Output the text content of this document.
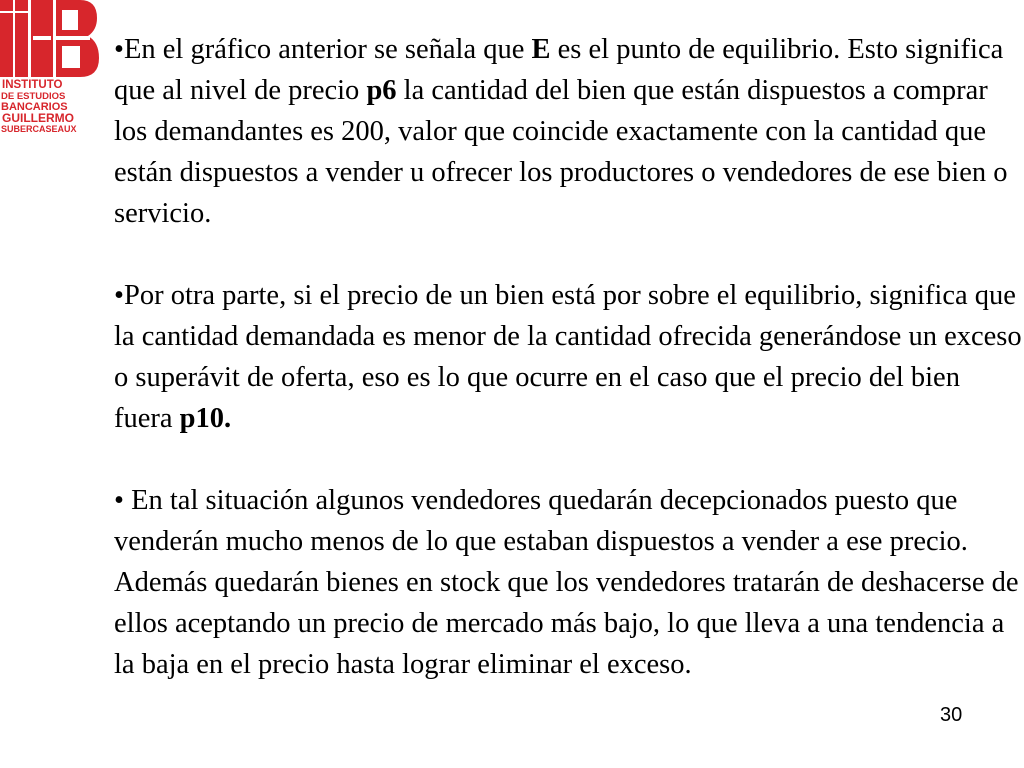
INSTITUTO
DE ESTUDIOS
BANCARIOS
GUILLERMO
SUBERCASEAUX

•En el gráfico anterior se señala que E es el punto de equilibrio. Esto significa que al nivel de precio p6 la cantidad del bien que están dispuestos a comprar los demandantes es 200, valor que coincide exactamente con la cantidad que están dispuestos a vender u ofrecer los productores o vendedores de ese bien o servicio.

•Por otra parte, si el precio de un bien está por sobre el equilibrio, significa que la cantidad demandada es menor de la cantidad ofrecida generándose un exceso o superávit de oferta, eso es lo que ocurre en el caso que el precio del bien fuera p10.

• En tal situación algunos vendedores quedarán decepcionados puesto que venderán mucho menos de lo que estaban dispuestos a vender a ese precio. Además quedarán bienes en stock que los vendedores tratarán de deshacerse de ellos aceptando un precio de mercado más bajo, lo que lleva a una tendencia a la baja en el precio hasta lograr eliminar el exceso.

30
